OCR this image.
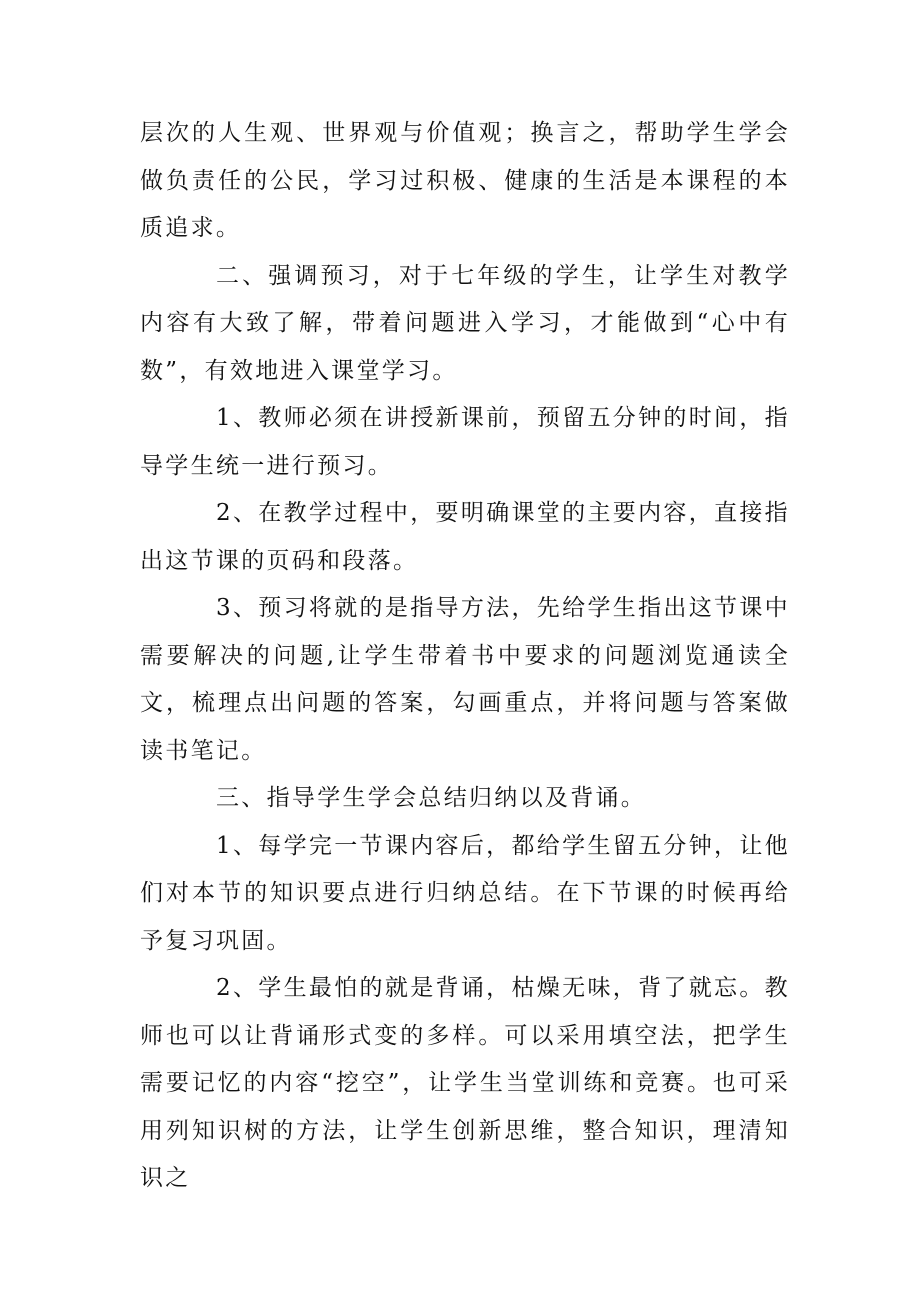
层次的人生观、世界观与价值观；换言之，帮助学生学会做负责任的公民，学习过积极、健康的生活是本课程的本质追求。

二、强调预习，对于七年级的学生，让学生对教学内容有大致了解，带着问题进入学习，才能做到“心中有数”，有效地进入课堂学习。

1、教师必须在讲授新课前，预留五分钟的时间，指导学生统一进行预习。

2、在教学过程中，要明确课堂的主要内容，直接指出这节课的页码和段落。

3、预习将就的是指导方法，先给学生指出这节课中需要解决的问题,让学生带着书中要求的问题浏览通读全文，梳理点出问题的答案，勾画重点，并将问题与答案做读书笔记。

三、指导学生学会总结归纳以及背诵。

1、每学完一节课内容后，都给学生留五分钟，让他们对本节的知识要点进行归纳总结。在下节课的时候再给予复习巩固。

2、学生最怕的就是背诵，枯燥无味，背了就忘。教师也可以让背诵形式变的多样。可以采用填空法，把学生需要记忆的内容“挖空”，让学生当堂训练和竞赛。也可采用列知识树的方法，让学生创新思维，整合知识，理清知识之
